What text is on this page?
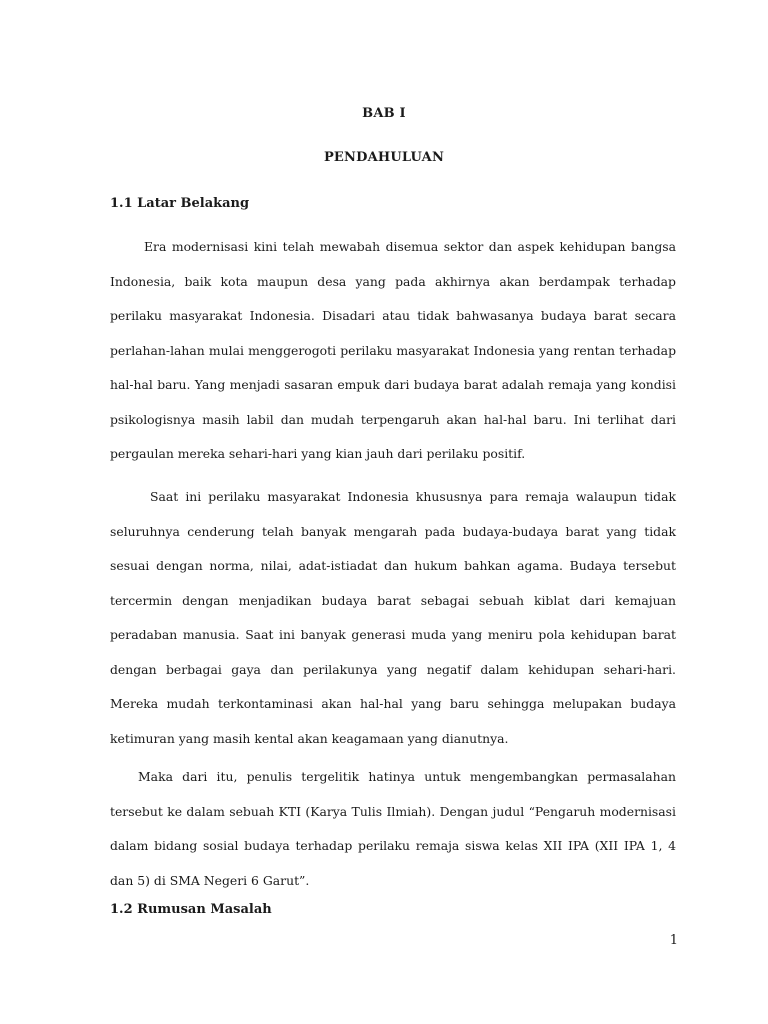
BAB I
PENDAHULUAN
1.1 Latar Belakang

Era modernisasi kini telah mewabah disemua sektor dan aspek kehidupan bangsa Indonesia, baik kota maupun desa yang pada akhirnya akan berdampak terhadap perilaku masyarakat Indonesia. Disadari atau tidak bahwasanya budaya barat secara perlahan-lahan mulai menggerogoti perilaku masyarakat Indonesia yang rentan terhadap hal-hal baru. Yang menjadi sasaran empuk dari budaya barat adalah remaja yang kondisi psikologisnya masih labil dan mudah terpengaruh akan hal-hal baru. Ini terlihat dari pergaulan mereka sehari-hari yang kian jauh dari perilaku positif.

Saat ini perilaku masyarakat Indonesia khususnya para remaja walaupun tidak seluruhnya cenderung telah banyak mengarah pada budaya-budaya barat yang tidak sesuai dengan norma, nilai, adat-istiadat dan hukum bahkan agama. Budaya tersebut tercermin dengan menjadikan budaya barat sebagai sebuah kiblat dari kemajuan peradaban manusia. Saat ini banyak generasi muda yang meniru pola kehidupan barat dengan berbagai gaya dan perilakunya yang negatif dalam kehidupan sehari-hari. Mereka mudah terkontaminasi akan hal-hal yang baru sehingga melupakan budaya ketimuran yang masih kental akan keagamaan yang dianutnya.

Maka dari itu, penulis tergelitik hatinya untuk mengembangkan permasalahan tersebut ke dalam sebuah KTI (Karya Tulis Ilmiah). Dengan judul “Pengaruh modernisasi dalam bidang sosial budaya terhadap perilaku remaja siswa kelas XII IPA (XII IPA 1, 4 dan 5) di SMA Negeri 6 Garut”.

1.2 Rumusan Masalah
1
